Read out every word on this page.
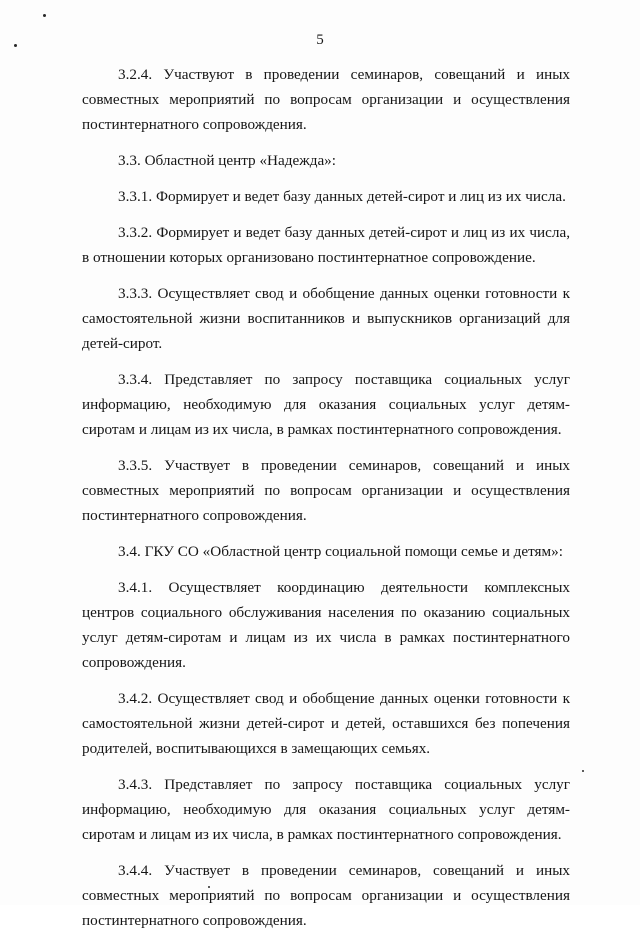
5

3.2.4. Участвуют в проведении семинаров, совещаний и иных совместных мероприятий по вопросам организации и осуществления постинтернатного сопровождения.

3.3. Областной центр «Надежда»:

3.3.1. Формирует и ведет базу данных детей-сирот и лиц из их числа.

3.3.2. Формирует и ведет базу данных детей-сирот и лиц из их числа, в отношении которых организовано постинтернатное сопровождение.

3.3.3. Осуществляет свод и обобщение данных оценки готовности к самостоятельной жизни воспитанников и выпускников организаций для детей-сирот.

3.3.4. Представляет по запросу поставщика социальных услуг информацию, необходимую для оказания социальных услуг детям-сиротам и лицам из их числа, в рамках постинтернатного сопровождения.

3.3.5. Участвует в проведении семинаров, совещаний и иных совместных мероприятий по вопросам организации и осуществления постинтернатного сопровождения.

3.4. ГКУ СО «Областной центр социальной помощи семье и детям»:

3.4.1. Осуществляет координацию деятельности комплексных центров социального обслуживания населения по оказанию социальных услуг детям-сиротам и лицам из их числа в рамках постинтернатного сопровождения.

3.4.2. Осуществляет свод и обобщение данных оценки готовности к самостоятельной жизни детей-сирот и детей, оставшихся без попечения родителей, воспитывающихся в замещающих семьях.

3.4.3. Представляет по запросу поставщика социальных услуг информацию, необходимую для оказания социальных услуг детям-сиротам и лицам из их числа, в рамках постинтернатного сопровождения.

3.4.4. Участвует в проведении семинаров, совещаний и иных совместных мероприятий по вопросам организации и осуществления постинтернатного сопровождения.
